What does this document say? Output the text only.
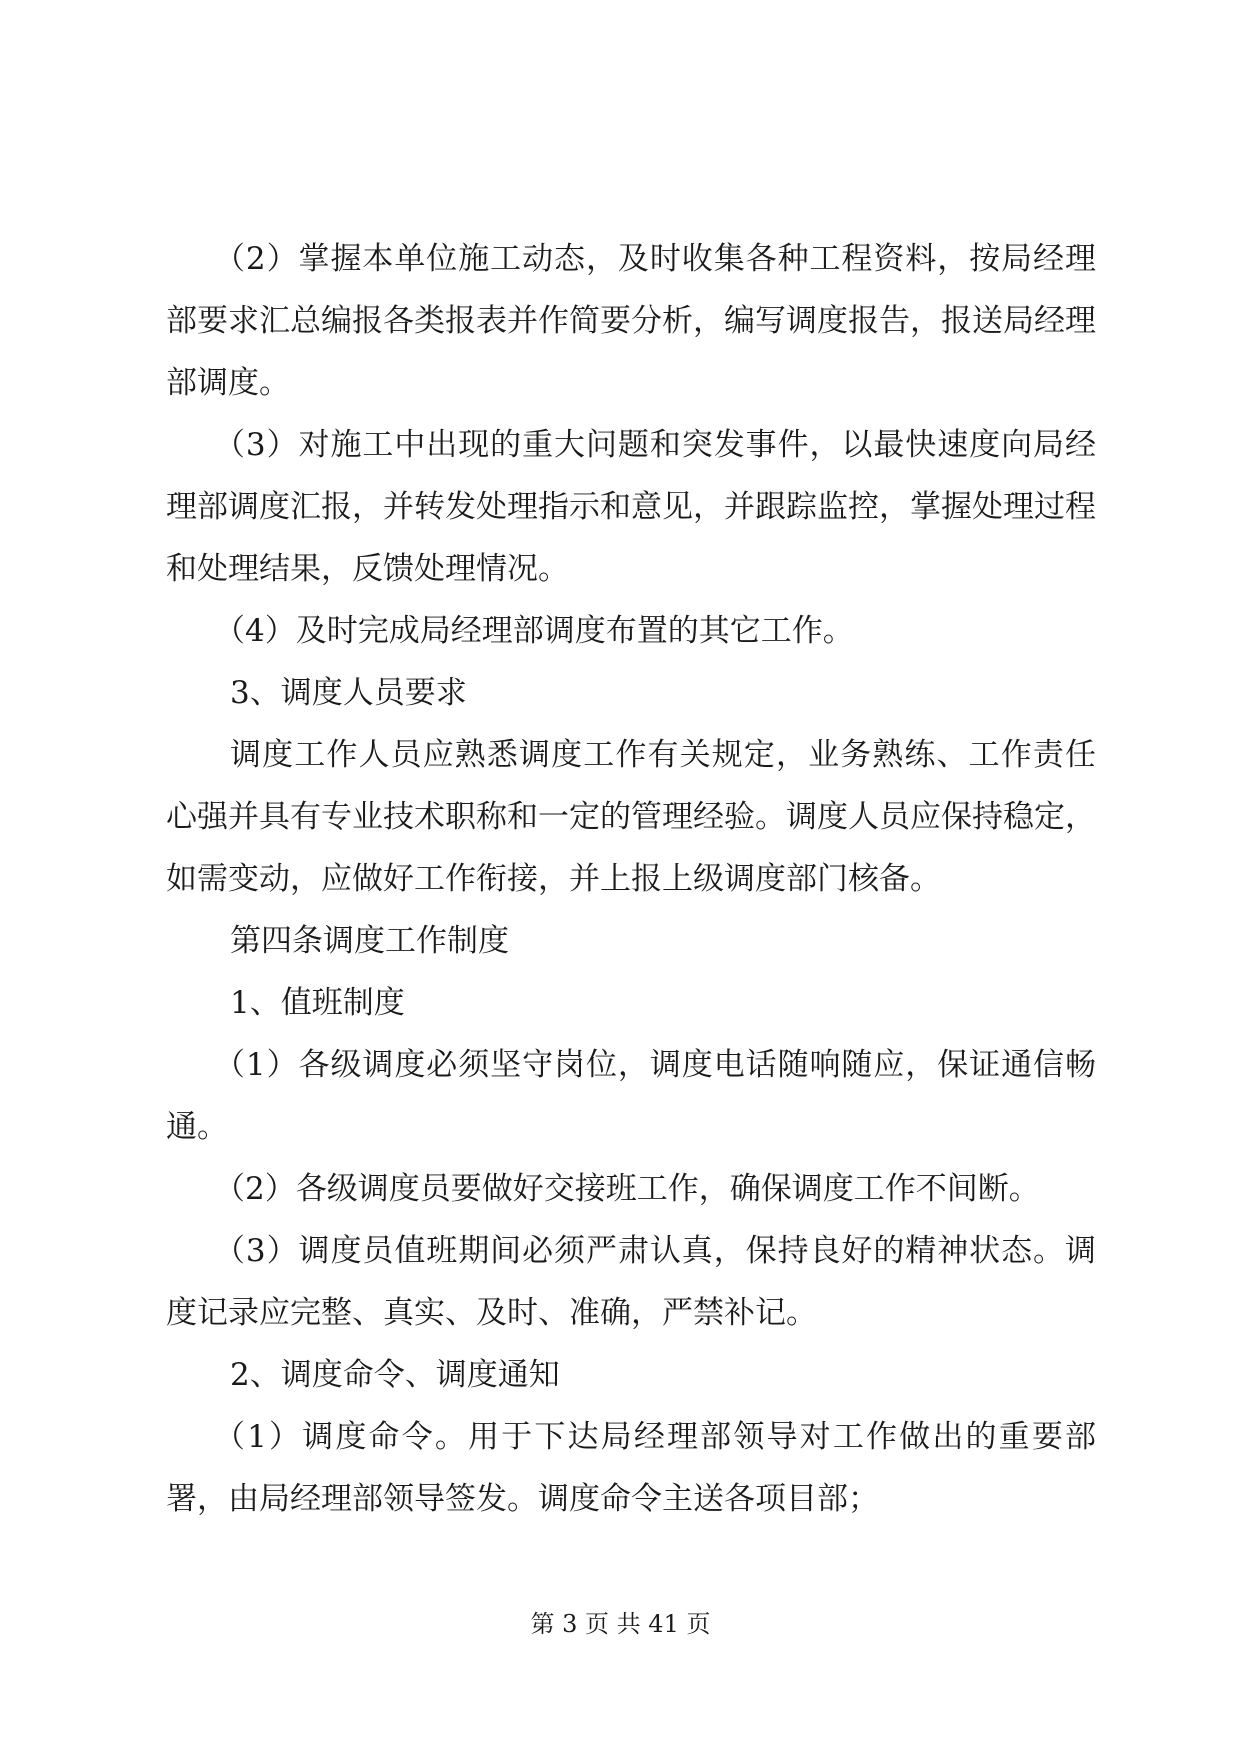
（2）掌握本单位施工动态，及时收集各种工程资料，按局经理部要求汇总编报各类报表并作简要分析，编写调度报告，报送局经理部调度。

（3）对施工中出现的重大问题和突发事件，以最快速度向局经理部调度汇报，并转发处理指示和意见，并跟踪监控，掌握处理过程和处理结果，反馈处理情况。

（4）及时完成局经理部调度布置的其它工作。

3、调度人员要求

调度工作人员应熟悉调度工作有关规定，业务熟练、工作责任心强并具有专业技术职称和一定的管理经验。调度人员应保持稳定，如需变动，应做好工作衔接，并上报上级调度部门核备。

第四条调度工作制度

1、值班制度

（1）各级调度必须坚守岗位，调度电话随响随应，保证通信畅通。

（2）各级调度员要做好交接班工作，确保调度工作不间断。

（3）调度员值班期间必须严肃认真，保持良好的精神状态。调度记录应完整、真实、及时、准确，严禁补记。

2、调度命令、调度通知

（1）调度命令。用于下达局经理部领导对工作做出的重要部署，由局经理部领导签发。调度命令主送各项目部；

第 3 页 共 41 页
